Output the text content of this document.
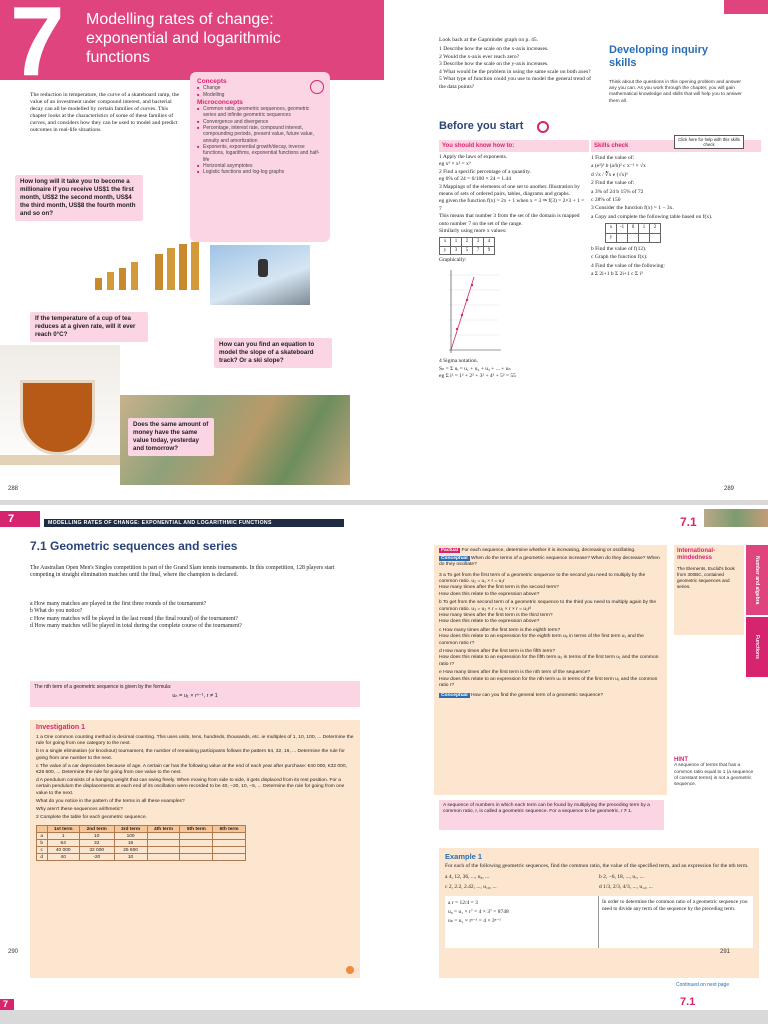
7	Modelling rates of change: exponential and logarithmic functions
The reduction in temperature, the curve of a skateboard ramp, the value of an investment under compound interest, and bacterial decay can all be modelled by certain families of curves. This chapter looks at the characteristics of some of these families of curves, and considers how they can be used to model and predict outcomes in real-life situations.
Concepts
■ Change
■ Modelling
Microconcepts
■ Common ratio, geometric sequences, geometric series and infinite geometric sequences
■ Convergence and divergence
■ Percentage, interest rate, compound interest, compounding periods, present value, future value, annuity and amortization
■ Exponents, exponential growth/decay, inverse functions, logarithms, exponential functions and half-life
■ Horizontal asymptotes
■ Logistic functions and log-log graphs
How long will it take you to become a millionaire if you receive US$1 the first month, US$2 the second month, US$4 the third month, US$8 the fourth month and so on?
If the temperature of a cup of tea reduces at a given rate, will it ever reach 0°C?
How can you find an equation to model the slope of a skateboard track? Or a ski slope?
Does the same amount of money have the same value today, yesterday and tomorrow?
288
Look back at the Gapminder graph on p. 45.
1 Describe how the scale on the x-axis increases.
2 Would the x-axis ever reach zero?
3 Describe how the scale on the y-axis increases.
4 What would be the problem in using the same scale on both axes?
5 What type of function could you use to model the general trend of the data points?
Developing inquiry skills
Think about the questions in this opening problem and answer any you can. As you work through the chapter, you will gain mathematical knowledge and skills that will help you to answer them all.
Before you start
You should know how to:	Skills check
Click here for help with this skills check
1 Apply the laws of exponents.
eg x³ × x² = x⁵
2 Find a specific percentage of a quantity.
eg 6% of 24 = 6/100 × 24 = 1.44
3 Mappings of the elements of one set to another. Illustration by means of sets of ordered pairs, tables, diagrams and graphs.
eg given the function f(x) = 2x + 1 when x = 3 ⇒ f(3) = 2×3 + 1 = 7
This means that number 3 from the set of the domain is mapped onto number 7 on the set of the range.
Similarly using more x values:
x	1	2	3	4
y	3	5	7	9
Graphically:
4 Sigma notation.
Sₙ = Σ uᵢ = u₁ + u₂ + u₃ + ... + uₙ
eg Σ i² = 1² + 2² + 3² + 4² + 5² = 55
1 Find the value of:
a (e²)³ b (a/b)² c x⁻² × √x
d √x / ∛x e (√x)³
2 Find the value of:
a 3% of 24 b 15% of 72
c 28% of 150
3 Consider the function f(x) = 1 − 3x.
a Copy and complete the following table based on f(x).
x	-1	0	1	2
y				
b Find the value of f(12).
c Graph the function f(x).
4 Find the value of the following:
a Σ 2i+1 b Σ 2i+1 c Σ i³
289
7	MODELLING RATES OF CHANGE: EXPONENTIAL AND LOGARITHMIC FUNCTIONS
7.1 Geometric sequences and series
The Australian Open Men's Singles competition is part of the Grand Slam tennis tournaments. In this competition, 128 players start competing in straight elimination matches until the final, where the champion is declared.
a How many matches are played in the first three rounds of the tournament?
b What do you notice?
c How many matches will be played in the last round (the final round) of the tournament?
d How many matches will be played in total during the complete course of the tournament?
The nth term of a geometric sequence is given by the formula:
uₙ = u₁ × rⁿ⁻¹, r ≠ 1
Investigation 1

1 a One common counting method is decimal counting. This uses units, tens, hundreds, thousands, etc. ie multiples of 1, 10, 100, ... Determine the rule for going from one category to the next.

b In a single elimination (or knockout) tournament, the number of remaining participants follows the pattern 64, 32, 16, ... Determine the rule for going from one number to the next.

c The value of a car depreciates because of age. A certain car has the following value at the end of each year after purchase: €40 000, €32 000, €25 600, ... Determine the rule for going from one value to the next.

d A pendulum consists of a hanging weight that can swing freely. When moving from side to side, it gets displaced from its rest position. For a certain pendulum the displacements at each end of its oscillation were recorded to be 40, −20, 10, −5, ... Determine the rule for going from one value to the next.

What do you notice in the pattern of the terms in all these examples?

Why aren't these sequences arithmetic?

2 Complete the table for each geometric sequence.

	1st term	2nd term	3rd term	4th term	5th term	6th term
a	1	10	100			
b	64	32	16			
c	40 000	32 000	25 600			
d	40	-20	10			
290
7
7.1
Factual For each sequence, determine whether it is increasing, decreasing or oscillating.
Conceptual When do the terms of a geometric sequence increase? When do they decrease? When do they oscillate?
3 a To get from the first term of a geometric sequence to the second you need to multiply by the common ratio. u₂ = u₁ × r = u₁r
How many times after the first term is the second term?
How does this relate to the expression above?
b To get from the second term of a geometric sequence to the third you need to multiply again by the common ratio. u₃ = u₂ × r = u₁ × r × r = u₁r²
How many times after the first term is the third term?
How does this relate to the expression above?
c How many times after the first term is the eighth term?
How does this relate to an expression for the eighth term u₈ in terms of the first term u₁ and the common ratio r?
d How many times after the first term is the fifth term?
How does this relate to an expression for the fifth term u₅ in terms of the first term u₁ and the common ratio r?
e How many times after the first term is the nth term of the sequence?
How does this relate to an expression for the nth term uₙ in terms of the first term u₁ and the common ratio r?
Conceptual How can you find the general term of a geometric sequence?
International-mindedness
The Elements, Euclid's book from 300BC, contained geometric sequences and series.	Number and algebra
Functions
HINT
A sequence of terms that has a common ratio equal to 1 (a sequence of constant terms) is not a geometric sequence.
A sequence of numbers in which each term can be found by multiplying the preceding term by a common ratio, r, is called a geometric sequence. For a sequence to be geometric, r ≠ 1.
Example 1
For each of the following geometric sequences, find the common ratio, the value of the specified term, and an expression for the nth term.
a 4, 12, 36, ..., u₈, ...	b 2, −6, 18, ..., u₇, ...
c 2, 2.2, 2.42, ..., u₁₀, ...	d 1/3, 2/3, 4/3, ..., u₁₂, ...
a r = 12/4 = 3
u₈ = u₁ × r⁷ = 4 × 3⁷ = 8748
uₙ = u₁ × rⁿ⁻¹ = 4 × 3ⁿ⁻¹
In order to determine the common ratio of a geometric sequence you need to divide any term of the sequence by the preceding term.
Continued on next page
291
7.1
